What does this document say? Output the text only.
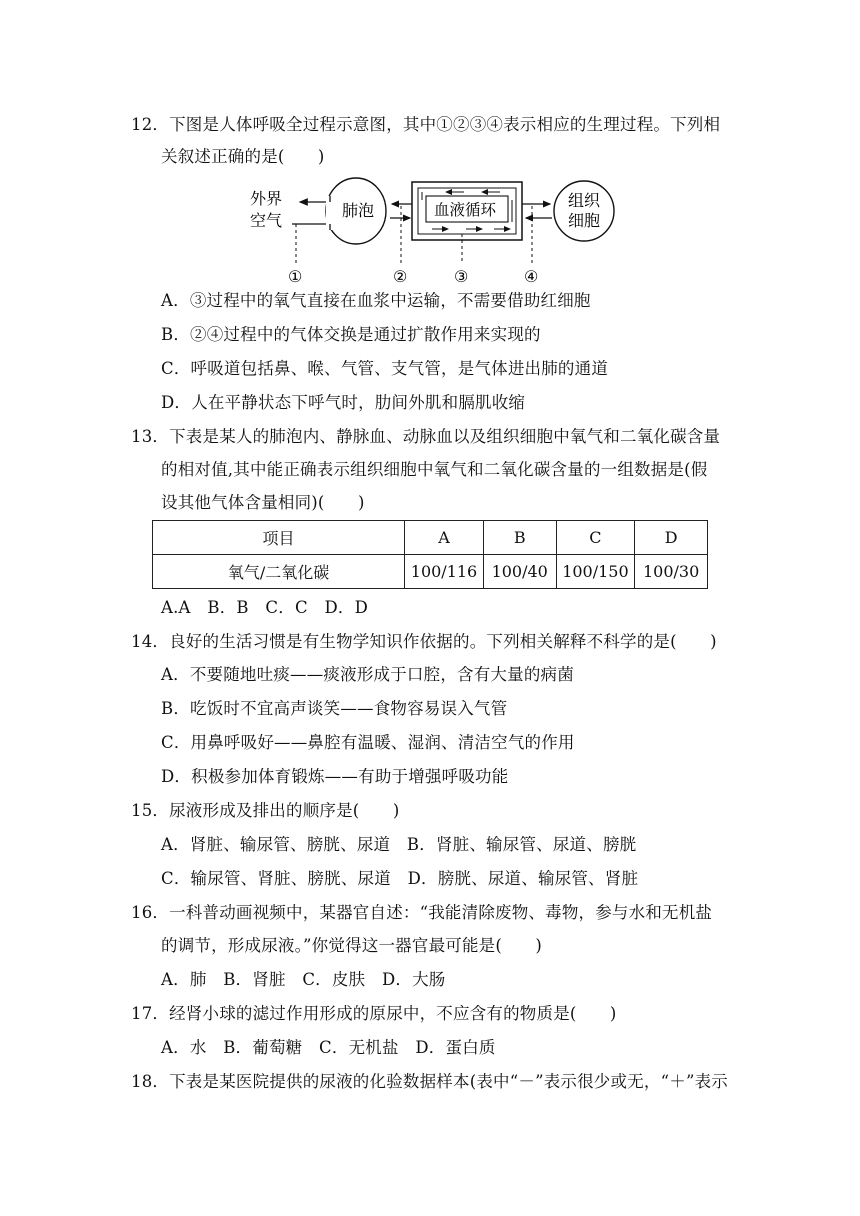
12．下图是人体呼吸全过程示意图，其中①②③④表示相应的生理过程。下列相
关叙述正确的是(　　)
外界
空气
肺泡	血液循环	组织
细胞
①	②	③	④
A．③过程中的氧气直接在血浆中运输，不需要借助红细胞
B．②④过程中的气体交换是通过扩散作用来实现的
C．呼吸道包括鼻、喉、气管、支气管，是气体进出肺的通道
D．人在平静状态下呼气时，肋间外肌和膈肌收缩
13．下表是某人的肺泡内、静脉血、动脉血以及组织细胞中氧气和二氧化碳含量
的相对值,其中能正确表示组织细胞中氧气和二氧化碳含量的一组数据是(假
设其他气体含量相同)(　　)
项目	A	B	C	D
氧气/二氧化碳	100/116	100/40	100/150	100/30
A.A　B．B　C．C　D．D
14．良好的生活习惯是有生物学知识作依据的。下列相关解释不科学的是(　　)
A．不要随地吐痰——痰液形成于口腔，含有大量的病菌
B．吃饭时不宜高声谈笑——食物容易误入气管
C．用鼻呼吸好——鼻腔有温暖、湿润、清洁空气的作用
D．积极参加体育锻炼——有助于增强呼吸功能
15．尿液形成及排出的顺序是(　　)
A．肾脏、输尿管、膀胱、尿道　B．肾脏、输尿管、尿道、膀胱
C．输尿管、肾脏、膀胱、尿道　D．膀胱、尿道、输尿管、肾脏
16．一科普动画视频中，某器官自述：“我能清除废物、毒物，参与水和无机盐
的调节，形成尿液。”你觉得这一器官最可能是(　　)
A．肺　B．肾脏　C．皮肤　D．大肠
17．经肾小球的滤过作用形成的原尿中，不应含有的物质是(　　)
A．水　B．葡萄糖　C．无机盐　D．蛋白质
18．下表是某医院提供的尿液的化验数据样本(表中“－”表示很少或无，“＋”表示
